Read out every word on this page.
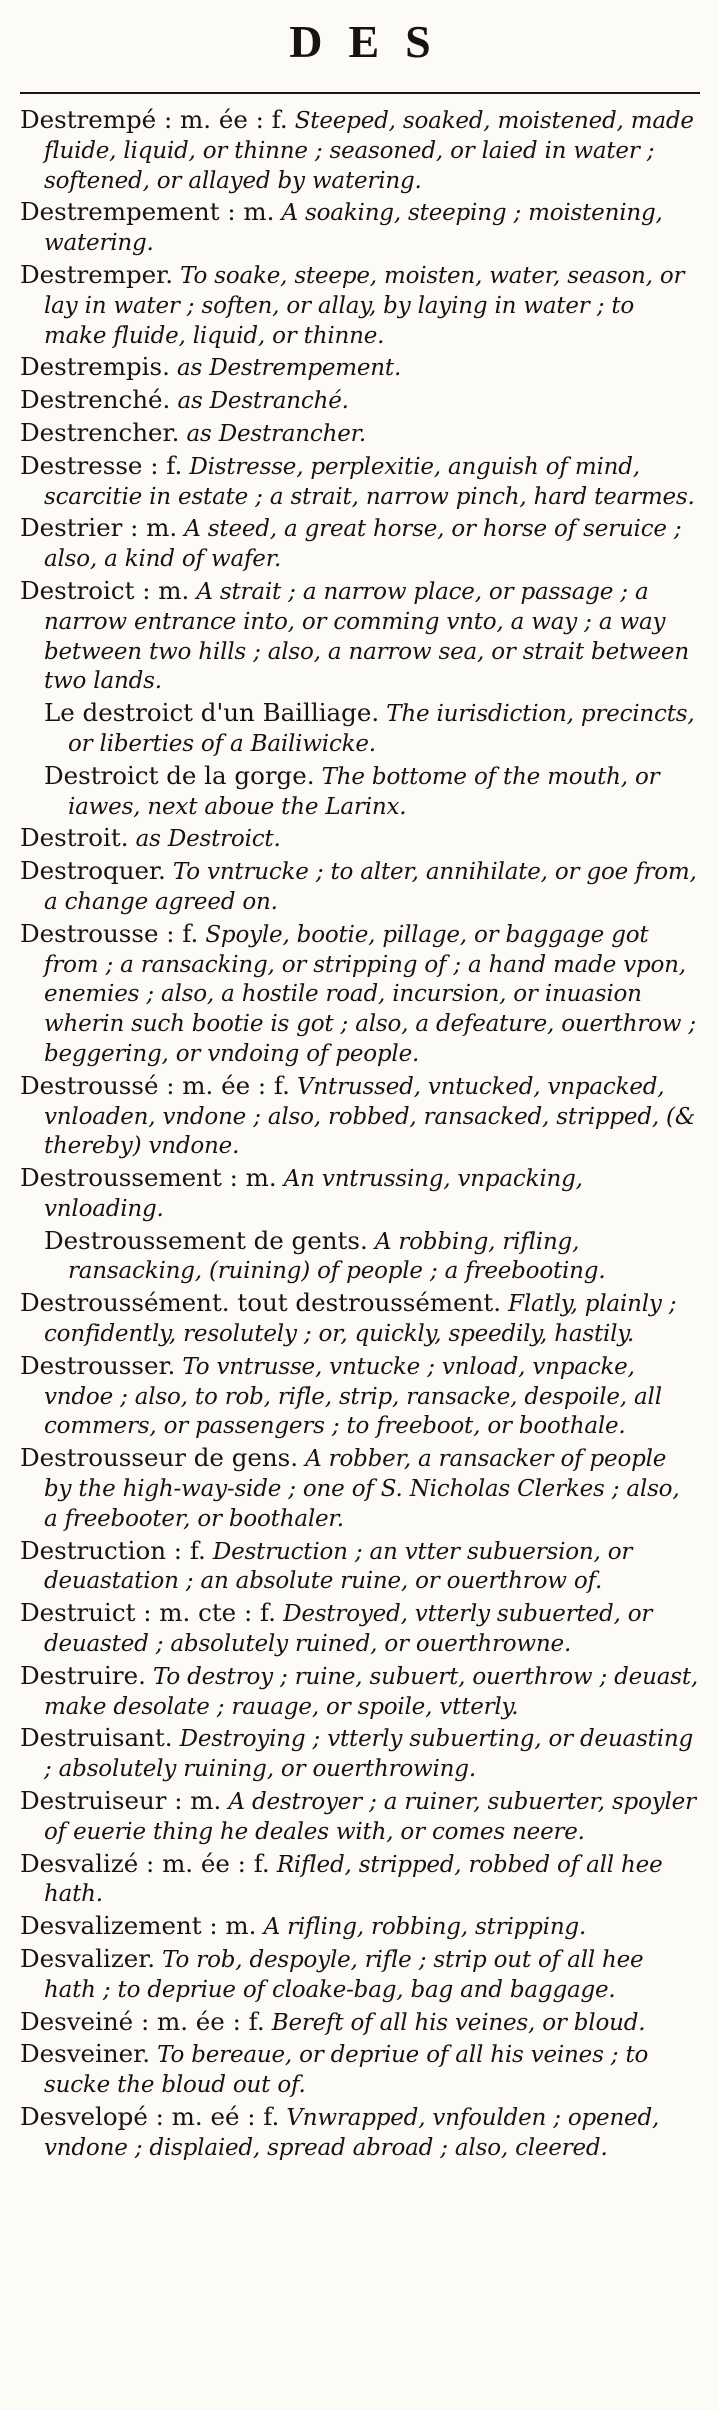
DES

Destrempé : m. ée : f. Steeped, soaked, moistened, made fluide, liquid, or thinne ; seasoned, or laied in water ; softened, or allayed by watering.

Destrempement : m. A soaking, steeping ; moistening, watering.

Destremper. To soake, steepe, moisten, water, season, or lay in water ; soften, or allay, by laying in water ; to make fluide, liquid, or thinne.

Destrempis. as Destrempement.

Destrenché. as Destranché.

Destrencher. as Destrancher.

Destresse : f. Distresse, perplexitie, anguish of mind, scarcitie in estate ; a strait, narrow pinch, hard tearmes.

Destrier : m. A steed, a great horse, or horse of seruice ; also, a kind of wafer.

Destroict : m. A strait ; a narrow place, or passage ; a narrow entrance into, or comming vnto, a way ; a way between two hills ; also, a narrow sea, or strait between two lands.

Le destroict d'un Bailliage. The iurisdiction, precincts, or liberties of a Bailiwicke.

Destroict de la gorge. The bottome of the mouth, or iawes, next aboue the Larinx.

Destroit. as Destroict.

Destroquer. To vntrucke ; to alter, annihilate, or goe from, a change agreed on.

Destrousse : f. Spoyle, bootie, pillage, or baggage got from ; a ransacking, or stripping of ; a hand made vpon, enemies ; also, a hostile road, incursion, or inuasion wherin such bootie is got ; also, a defeature, ouerthrow ; beggering, or vndoing of people.

Destroussé : m. ée : f. Vntrussed, vntucked, vnpacked, vnloaden, vndone ; also, robbed, ransacked, stripped, (& thereby) vndone.

Destroussement : m. An vntrussing, vnpacking, vnloading.

Destroussement de gents. A robbing, rifling, ransacking, (ruining) of people ; a freebooting.

Destroussément. tout destroussément. Flatly, plainly ; confidently, resolutely ; or, quickly, speedily, hastily.

Destrousser. To vntrusse, vntucke ; vnload, vnpacke, vndoe ; also, to rob, rifle, strip, ransacke, despoile, all commers, or passengers ; to freeboot, or boothale.

Destrousseur de gens. A robber, a ransacker of people by the high-way-side ; one of S. Nicholas Clerkes ; also, a freebooter, or boothaler.

Destruction : f. Destruction ; an vtter subuersion, or deuastation ; an absolute ruine, or ouerthrow of.

Destruict : m. cte : f. Destroyed, vtterly subuerted, or deuasted ; absolutely ruined, or ouerthrowne.

Destruire. To destroy ; ruine, subuert, ouerthrow ; deuast, make desolate ; rauage, or spoile, vtterly.

Destruisant. Destroying ; vtterly subuerting, or deuasting ; absolutely ruining, or ouerthrowing.

Destruiseur : m. A destroyer ; a ruiner, subuerter, spoyler of euerie thing he deales with, or comes neere.

Desvalizé : m. ée : f. Rifled, stripped, robbed of all hee hath.

Desvalizement : m. A rifling, robbing, stripping.

Desvalizer. To rob, despoyle, rifle ; strip out of all hee hath ; to depriue of cloake-bag, bag and baggage.

Desveiné : m. ée : f. Bereft of all his veines, or bloud.

Desveiner. To bereaue, or depriue of all his veines ; to sucke the bloud out of.

Desvelopé : m. eé : f. Vnwrapped, vnfoulden ; opened, vndone ; displaied, spread abroad ; also, cleered.
